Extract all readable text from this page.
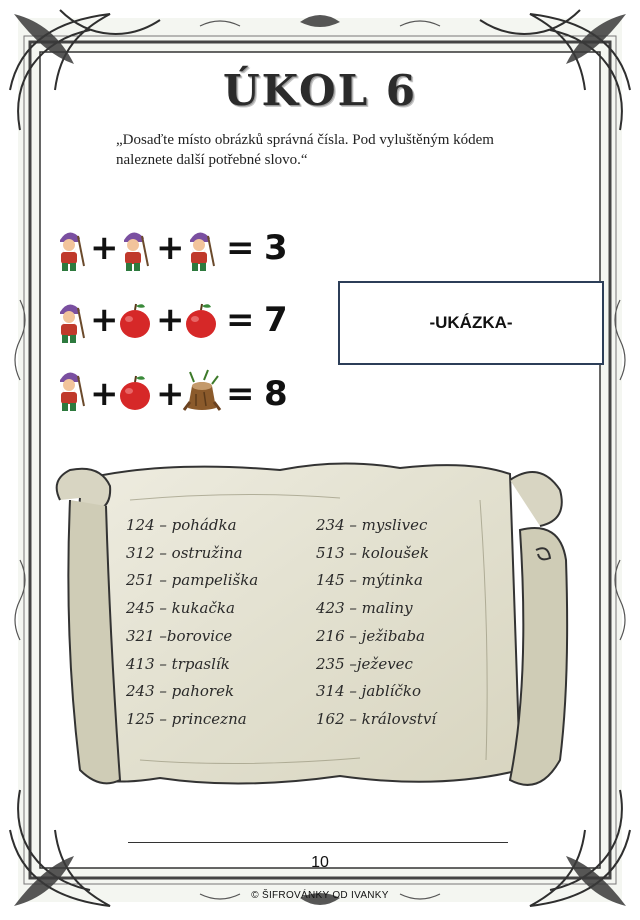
ÚKOL 6
„Dosaďte místo obrázků správná čísla. Pod vyluštěným kódem naleznete další potřebné slovo.“
+ + = 3
+ + = 7
+ + = 8
-UKÁZKA-
124 – pohádka
312 – ostružina
251 – pampeliška
245 – kukačka
321 –borovice
413 – trpaslík
243 – pahorek
125 – princezna
234 – myslivec
513 – koloušek
145 – mýtinka
423 – maliny
216 – ježibaba
235 –ježevec
314 – jablíčko
162 – království
10
© ŠIFROVÁNKY OD IVANKY
